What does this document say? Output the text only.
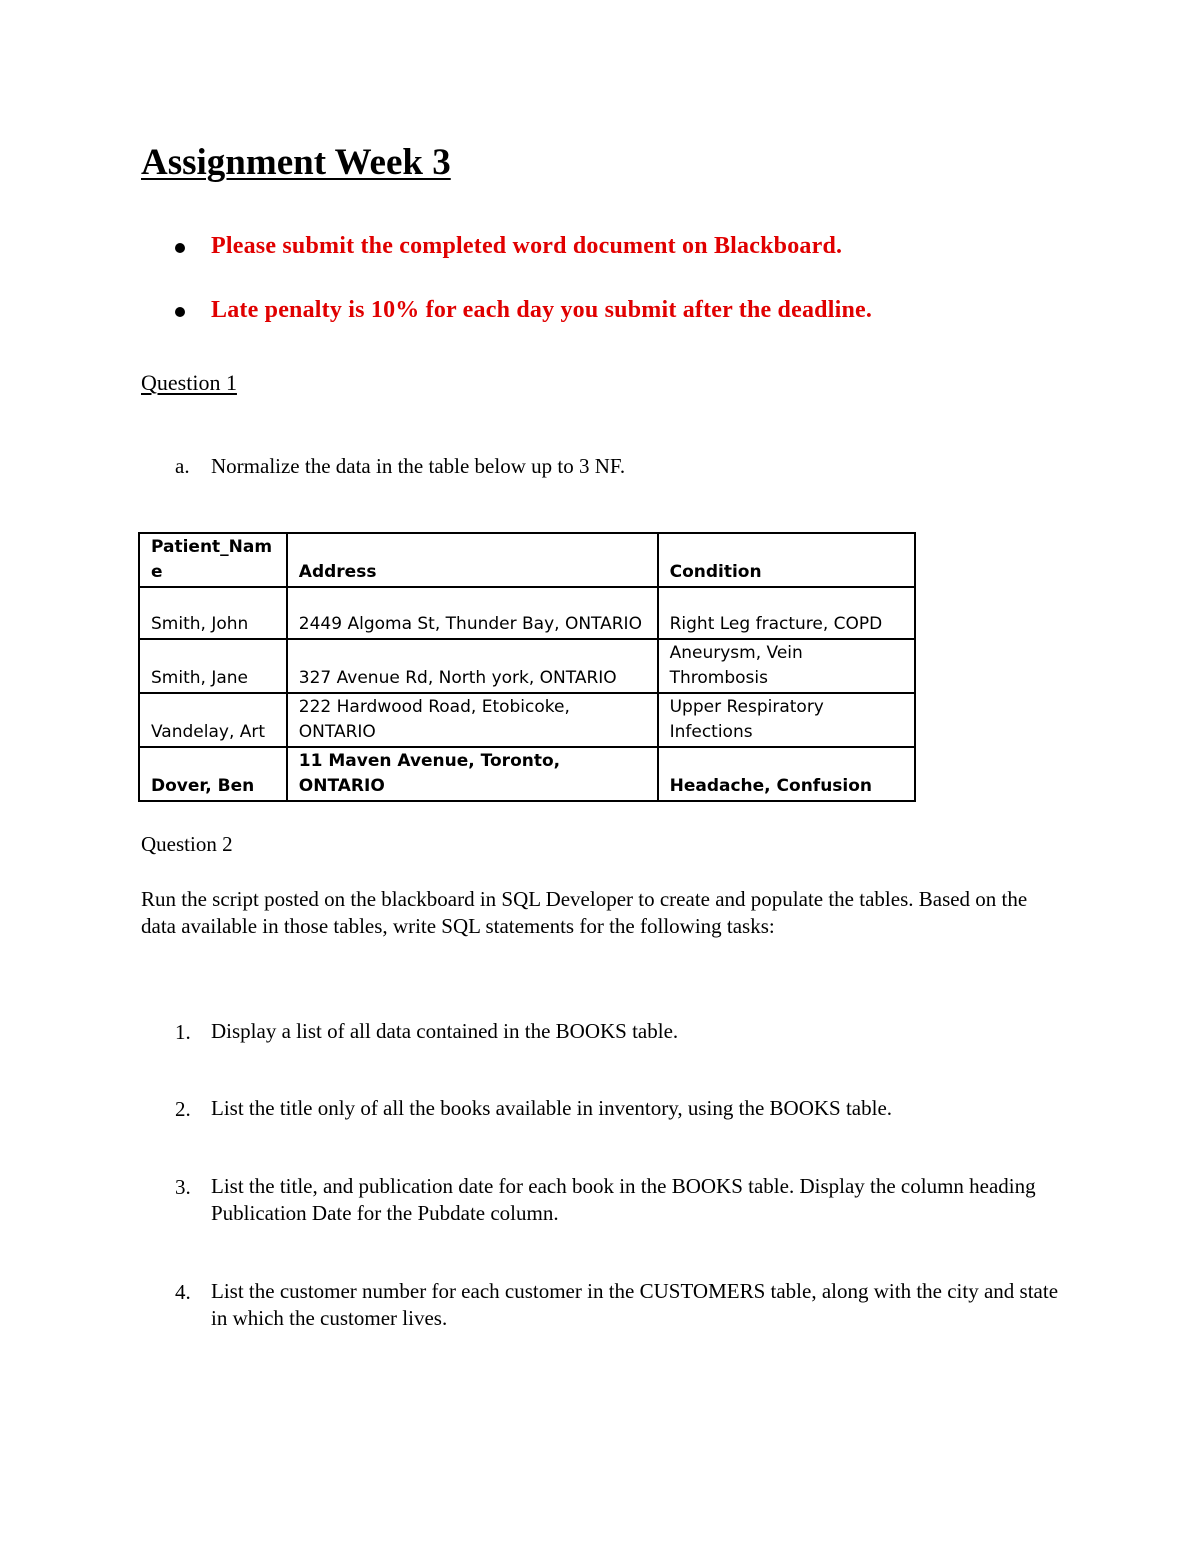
Assignment Week 3
Please submit the completed word document on Blackboard.
Late penalty is 10% for each day you submit after the deadline.
Question 1
a. Normalize the data in the table below up to 3 NF.
Patient_Name	Address	Condition
Smith, John	2449 Algoma St, Thunder Bay, ONTARIO	Right Leg fracture, COPD
Smith, Jane	327 Avenue Rd, North york, ONTARIO	Aneurysm, Vein Thrombosis
Vandelay, Art	222 Hardwood Road, Etobicoke, ONTARIO	Upper Respiratory Infections
Dover, Ben	11 Maven Avenue, Toronto, ONTARIO	Headache, Confusion
Question 2
Run the script posted on the blackboard in SQL Developer to create and populate the tables. Based on the data available in those tables, write SQL statements for the following tasks:
1. Display a list of all data contained in the BOOKS table.
2. List the title only of all the books available in inventory, using the BOOKS table.
3. List the title, and publication date for each book in the BOOKS table. Display the column heading Publication Date for the Pubdate column.
4. List the customer number for each customer in the CUSTOMERS table, along with the city and state in which the customer lives.
